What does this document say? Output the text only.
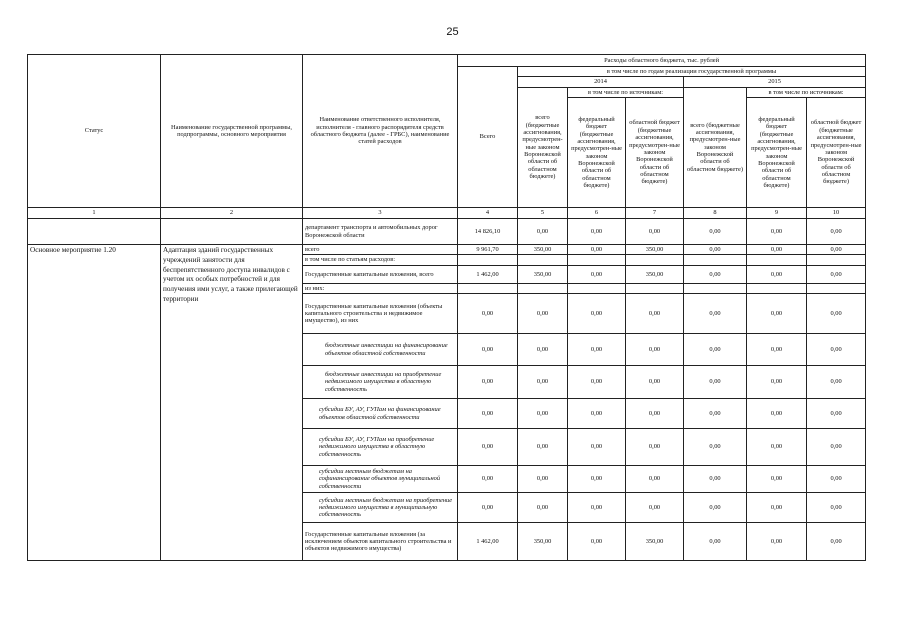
25
Статус	Наименование государственной программы, подпрограммы, основного мероприятия	Наименование ответственного исполнителя, исполнителя - главного распорядителя средств областного бюджета (далее - ГРБС), наименование статей расходов	Расходы областного бюджета, тыс. рублей						
			Всего	в том числе по годам реализации государственной программы					
				2014			2015		
				всего (бюджетные ассигнования, предусмотрен-ные законом Воронежской области об областном бюджете)	в том числе по источникам:		всего (бюджетные ассигнования, предусмотрен-ные законом Воронежской области об областном бюджете)	в том числе по источникам:	
					федеральный бюджет (бюджетные ассигнования, предусмотрен-ные законом Воронежской области об областном бюджете)	областной бюджет (бюджетные ассигнования, предусмотрен-ные законом Воронежской области об областном бюджете)		федеральный бюджет (бюджетные ассигнования, предусмотрен-ные законом Воронежской области об областном бюджете)	областной бюджет (бюджетные ассигнования, предусмотрен-ные законом Воронежской области об областном бюджете)
1	2	3	4	5	6	7	8	9	10
		департамент транспорта и автомобильных дорог Воронежской области	14 826,10	0,00	0,00	0,00	0,00	0,00	0,00
Основное мероприятие 1.20	Адаптация зданий государственных учреждений занятости для беспрепятственного доступа инвалидов с учетом их особых потребностей и для получения ими услуг, а также прилегающей территории	всего	9 961,70	350,00	0,00	350,00	0,00	0,00	0,00
		в том числе по статьям расходов:							
		Государственные капитальные вложения, всего	1 462,00	350,00	0,00	350,00	0,00	0,00	0,00
		из них:							
		Государственные капитальные вложения (объекты капитального строительства и недвижимое имущество), из них	0,00	0,00	0,00	0,00	0,00	0,00	0,00
		бюджетные инвестиции на финансирование объектов областной собственности	0,00	0,00	0,00	0,00	0,00	0,00	0,00
		бюджетные инвестиции на приобретение недвижимого имущества в областную собственность	0,00	0,00	0,00	0,00	0,00	0,00	0,00
		субсидии БУ, АУ, ГУПам на финансирование объектов областной собственности	0,00	0,00	0,00	0,00	0,00	0,00	0,00
		субсидии БУ, АУ, ГУПам на приобретение недвижимого имущества в областную собственность	0,00	0,00	0,00	0,00	0,00	0,00	0,00
		субсидии местным бюджетам на софинансирование объектов муниципальной собственности	0,00	0,00	0,00	0,00	0,00	0,00	0,00
		субсидии местным бюджетам на приобретение недвижимого имущества в муниципальную собственность	0,00	0,00	0,00	0,00	0,00	0,00	0,00
		Государственные капитальные вложения (за исключением объектов капитального строительства и объектов недвижимого имущества)	1 462,00	350,00	0,00	350,00	0,00	0,00	0,00
